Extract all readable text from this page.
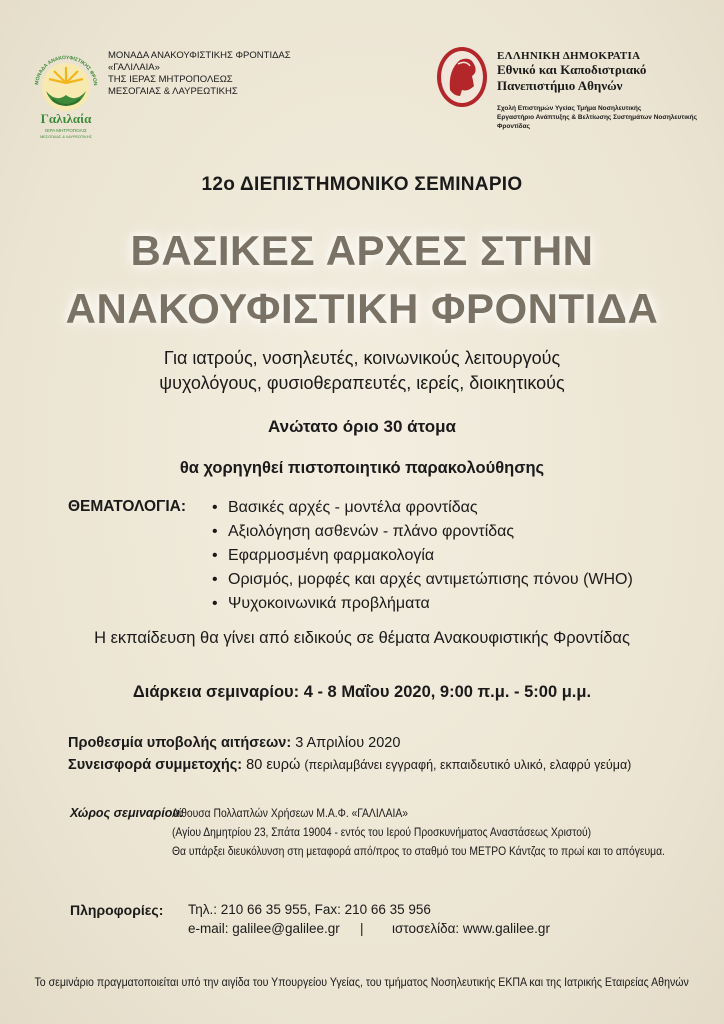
ΜΟΝΑΔΑ ΑΝΑΚΟΥΦΙΣΤΙΚΗΣ ΦΡΟΝ
Γαλιλαία
ΙΕΡΑ ΜΗΤΡΟΠΟΛΙΣ
ΜΕΣΟΓΑΙΑΣ & ΛΑΥΡΕΩΤΙΚΗΣ
ΜΟΝΑΔΑ ΑΝΑΚΟΥΦΙΣΤΙΚΗΣ ΦΡΟΝΤΙΔΑΣ
«ΓΑΛΙΛΑΙΑ»
ΤΗΣ ΙΕΡΑΣ ΜΗΤΡΟΠΟΛΕΩΣ
ΜΕΣΟΓΑΙΑΣ & ΛΑΥΡΕΩΤΙΚΗΣ
ΕΛΛΗΝΙΚΗ ΔΗΜΟΚΡΑΤΙΑ
Εθνικό και Καποδιστριακό
Πανεπιστήμιο Αθηνών
Σχολή Επιστημών Υγείας Τμήμα Νοσηλευτικής
Εργαστήριο Ανάπτυξης & Βελτίωσης Συστημάτων Νοσηλευτικής Φροντίδας
12ο ΔΙΕΠΙΣΤΗΜΟΝΙΚΟ ΣΕΜΙΝΑΡΙΟ
ΒΑΣΙΚΕΣ ΑΡΧΕΣ ΣΤΗΝ
ΑΝΑΚΟΥΦΙΣΤΙΚΗ ΦΡΟΝΤΙΔΑ
Για ιατρούς, νοσηλευτές, κοινωνικούς λειτουργούς
ψυχολόγους, φυσιοθεραπευτές, ιερείς, διοικητικούς
Ανώτατο όριο 30 άτομα
θα χορηγηθεί πιστοποιητικό παρακολούθησης
ΘΕΜΑΤΟΛΟΓΙΑ: • Βασικές αρχές - μοντέλα φροντίδας
• Αξιολόγηση ασθενών - πλάνο φροντίδας
• Εφαρμοσμένη φαρμακολογία
• Ορισμός, μορφές και αρχές αντιμετώπισης πόνου (WHO)
• Ψυχοκοινωνικά προβλήματα
Η εκπαίδευση θα γίνει από ειδικούς σε θέματα Ανακουφιστικής Φροντίδας
Διάρκεια σεμιναρίου: 4 - 8 Μαΐου 2020, 9:00 π.μ. - 5:00 μ.μ.
Προθεσμία υποβολής αιτήσεων: 3 Απριλίου 2020
Συνεισφορά συμμετοχής: 80 ευρώ (περιλαμβάνει εγγραφή, εκπαιδευτικό υλικό, ελαφρύ γεύμα)
Χώρος σεμιναρίου:
Αίθουσα Πολλαπλών Χρήσεων Μ.Α.Φ. «ΓΑΛΙΛΑΙΑ»
(Αγίου Δημητρίου 23, Σπάτα 19004 - εντός του Ιερού Προσκυνήματος Αναστάσεως Χριστού)
Θα υπάρξει διευκόλυνση στη μεταφορά από/προς το σταθμό του ΜΕΤΡΟ Κάντζας το πρωί και το απόγευμα.
Πληροφορίες: Τηλ.: 210 66 35 955, Fax: 210 66 35 956
e-mail: galilee@galilee.gr | ιστοσελίδα: www.galilee.gr
Το σεμινάριο πραγματοποιείται υπό την αιγίδα του Υπουργείου Υγείας, του τμήματος Νοσηλευτικής ΕΚΠΑ και της Ιατρικής Εταιρείας Αθηνών
